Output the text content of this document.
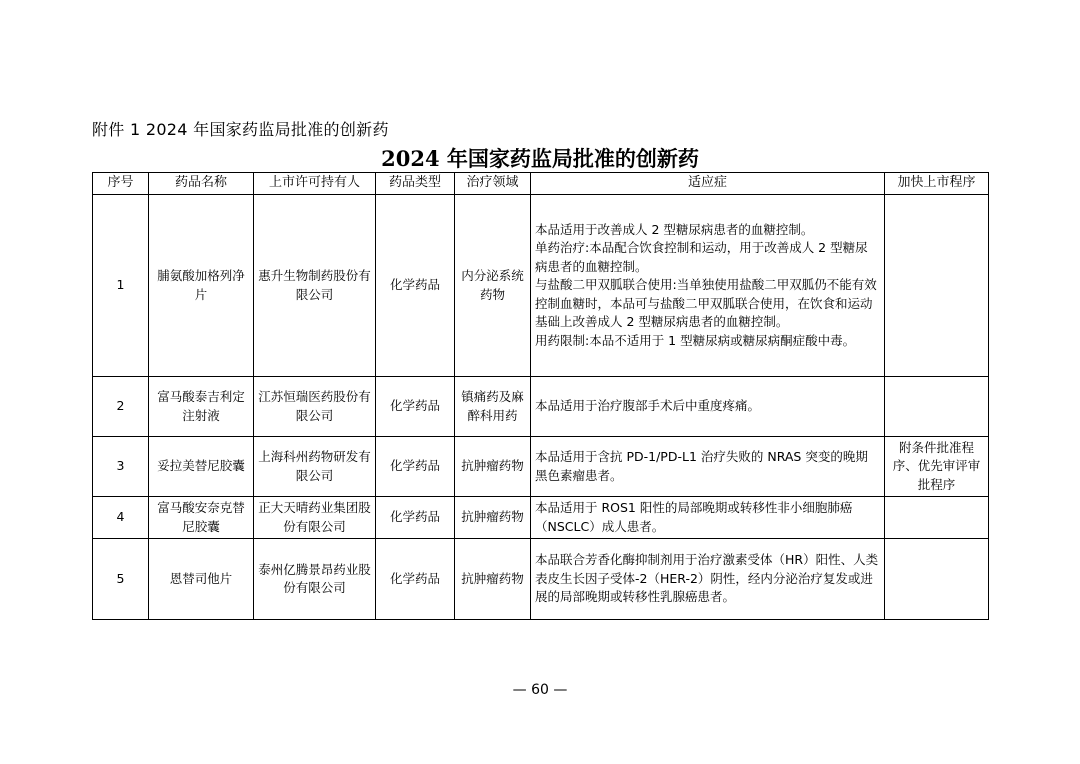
附件 1 2024 年国家药监局批准的创新药
2024 年国家药监局批准的创新药
序号	药品名称	上市许可持有人	药品类型	治疗领域	适应症	加快上市程序
1	脯氨酸加格列净片	惠升生物制药股份有限公司	化学药品	内分泌系统药物	本品适用于改善成人 2 型糖尿病患者的血糖控制。
单药治疗:本品配合饮食控制和运动，用于改善成人 2 型糖尿病患者的血糖控制。
与盐酸二甲双胍联合使用:当单独使用盐酸二甲双胍仍不能有效控制血糖时，本品可与盐酸二甲双胍联合使用，在饮食和运动基础上改善成人 2 型糖尿病患者的血糖控制。
用药限制:本品不适用于 1 型糖尿病或糖尿病酮症酸中毒。	

2	富马酸泰吉利定注射液	江苏恒瑞医药股份有限公司	化学药品	镇痛药及麻醉科用药	本品适用于治疗腹部手术后中重度疼痛。	

3	妥拉美替尼胶囊	上海科州药物研发有限公司	化学药品	抗肿瘤药物	本品适用于含抗 PD-1/PD-L1 治疗失败的 NRAS 突变的晚期黑色素瘤患者。	附条件批准程序、优先审评审批程序
4	富马酸安奈克替尼胶囊	正大天晴药业集团股份有限公司	化学药品	抗肿瘤药物	本品适用于 ROS1 阳性的局部晚期或转移性非小细胞肺癌（NSCLC）成人患者。	

5	恩替司他片	泰州亿腾景昂药业股份有限公司	化学药品	抗肿瘤药物	本品联合芳香化酶抑制剂用于治疗激素受体（HR）阳性、人类表皮生长因子受体-2（HER-2）阴性，经内分泌治疗复发或进展的局部晚期或转移性乳腺癌患者。	

— 60 —
